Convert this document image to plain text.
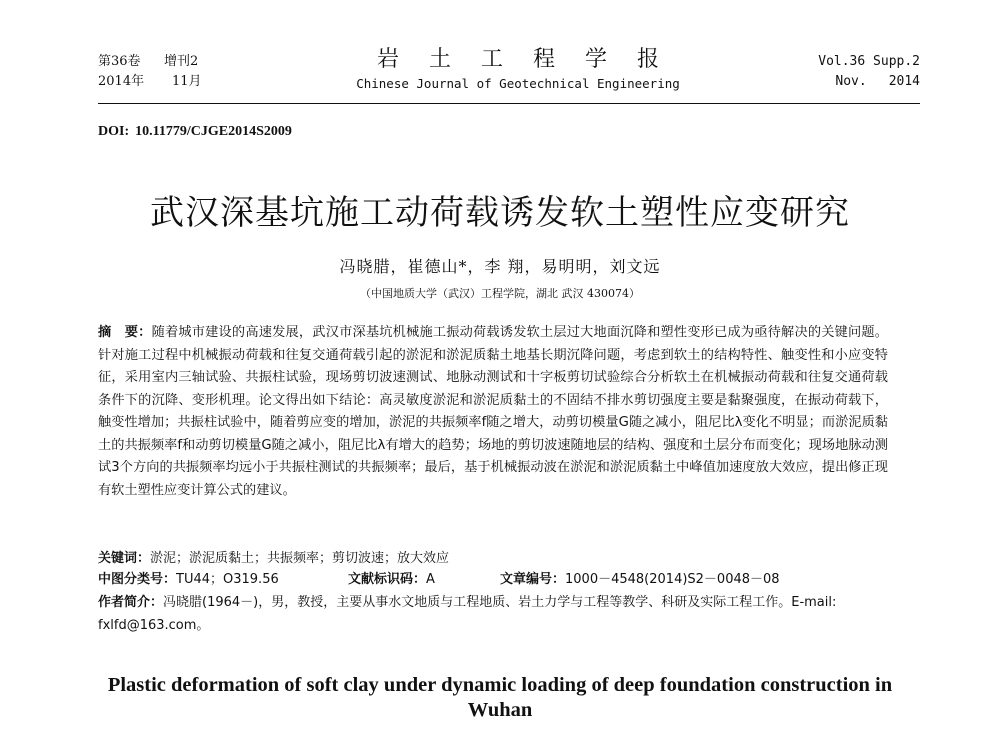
第36卷 增刊2
2014年 11月
岩土工程学报
Chinese Journal of Geotechnical Engineering
Vol.36 Supp.2
Nov. 2014
DOI: 10.11779/CJGE2014S2009
武汉深基坑施工动荷载诱发软土塑性应变研究
冯晓腊，崔德山*，李 翔，易明明，刘文远
（中国地质大学（武汉）工程学院，湖北 武汉 430074）
摘　要：随着城市建设的高速发展，武汉市深基坑机械施工振动荷载诱发软土层过大地面沉降和塑性变形已成为亟待解决的关键问题。针对施工过程中机械振动荷载和往复交通荷载引起的淤泥和淤泥质黏土地基长期沉降问题，考虑到软土的结构特性、触变性和小应变特征，采用室内三轴试验、共振柱试验，现场剪切波速测试、地脉动测试和十字板剪切试验综合分析软土在机械振动荷载和往复交通荷载条件下的沉降、变形机理。论文得出如下结论：高灵敏度淤泥和淤泥质黏土的不固结不排水剪切强度主要是黏聚强度，在振动荷载下，触变性增加；共振柱试验中，随着剪应变的增加，淤泥的共振频率f随之增大，动剪切模量G随之减小，阻尼比λ变化不明显；而淤泥质黏土的共振频率f和动剪切模量G随之减小，阻尼比λ有增大的趋势；场地的剪切波速随地层的结构、强度和土层分布而变化；现场地脉动测试3个方向的共振频率均远小于共振柱测试的共振频率；最后，基于机械振动波在淤泥和淤泥质黏土中峰值加速度放大效应，提出修正现有软土塑性应变计算公式的建议。
关键词：淤泥；淤泥质黏土；共振频率；剪切波速；放大效应
中图分类号：TU44；O319.56	文献标识码：A	文章编号：1000－4548(2014)S2－0048－08
作者简介：冯晓腊(1964－)，男，教授，主要从事水文地质与工程地质、岩土力学与工程等教学、科研及实际工程工作。E-mail: fxlfd@163.com。
Plastic deformation of soft clay under dynamic loading of deep foundation construction in Wuhan
